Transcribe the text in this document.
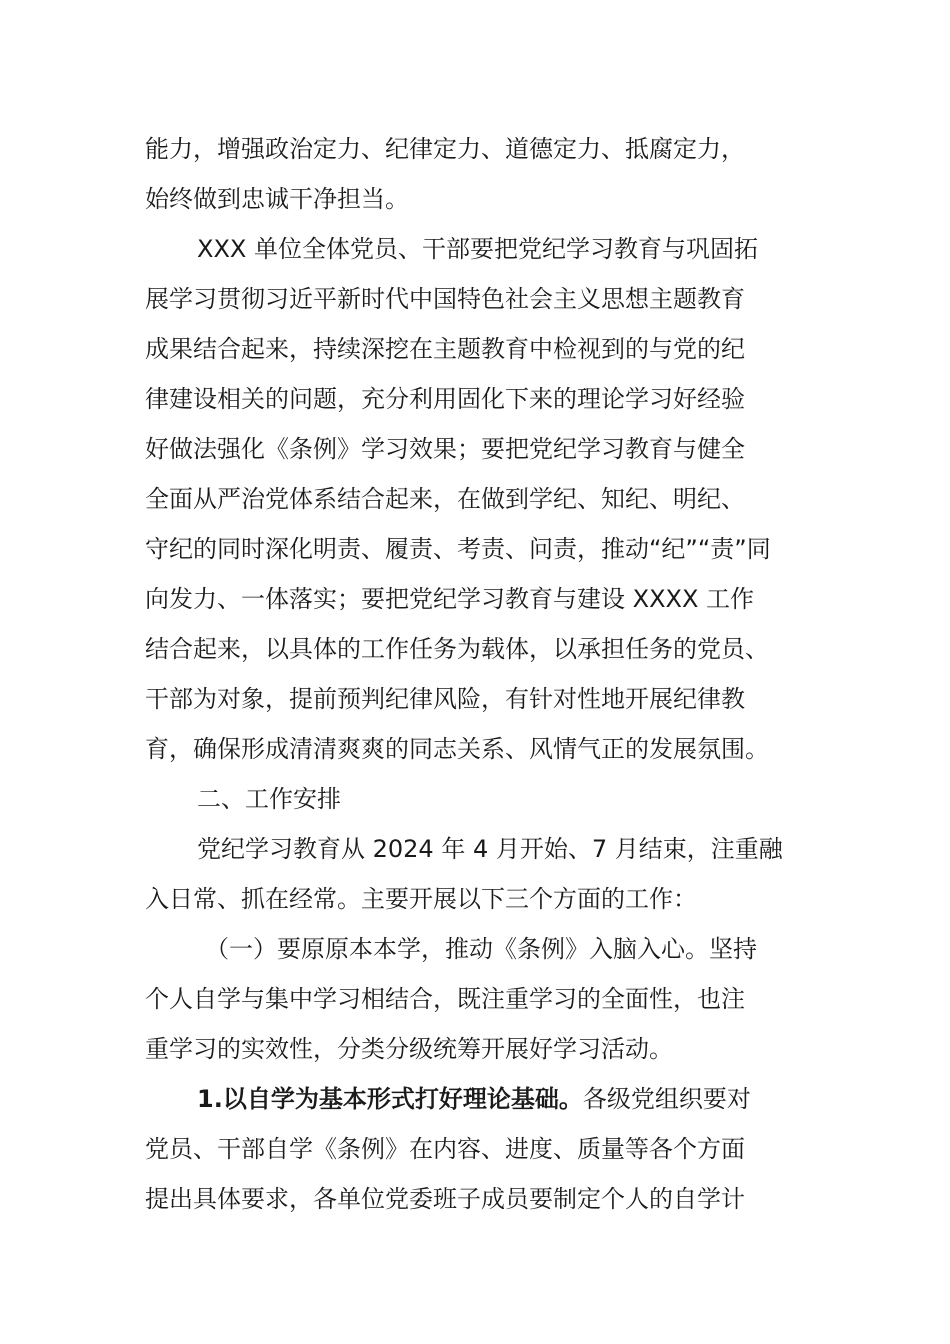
能力，增强政治定力、纪律定力、道德定力、抵腐定力，
始终做到忠诚干净担当。
XXX 单位全体党员、干部要把党纪学习教育与巩固拓
展学习贯彻习近平新时代中国特色社会主义思想主题教育
成果结合起来，持续深挖在主题教育中检视到的与党的纪
律建设相关的问题，充分利用固化下来的理论学习好经验
好做法强化《条例》学习效果；要把党纪学习教育与健全
全面从严治党体系结合起来，在做到学纪、知纪、明纪、
守纪的同时深化明责、履责、考责、问责，推动“纪”“责”同
向发力、一体落实；要把党纪学习教育与建设 XXXX 工作
结合起来，以具体的工作任务为载体，以承担任务的党员、
干部为对象，提前预判纪律风险，有针对性地开展纪律教
育，确保形成清清爽爽的同志关系、风情气正的发展氛围。
二、工作安排
党纪学习教育从 2024 年 4 月开始、7 月结束，注重融
入日常、抓在经常。主要开展以下三个方面的工作：
（一）要原原本本学，推动《条例》入脑入心。坚持
个人自学与集中学习相结合，既注重学习的全面性，也注
重学习的实效性，分类分级统筹开展好学习活动。
1.以自学为基本形式打好理论基础。各级党组织要对
党员、干部自学《条例》在内容、进度、质量等各个方面
提出具体要求，各单位党委班子成员要制定个人的自学计
